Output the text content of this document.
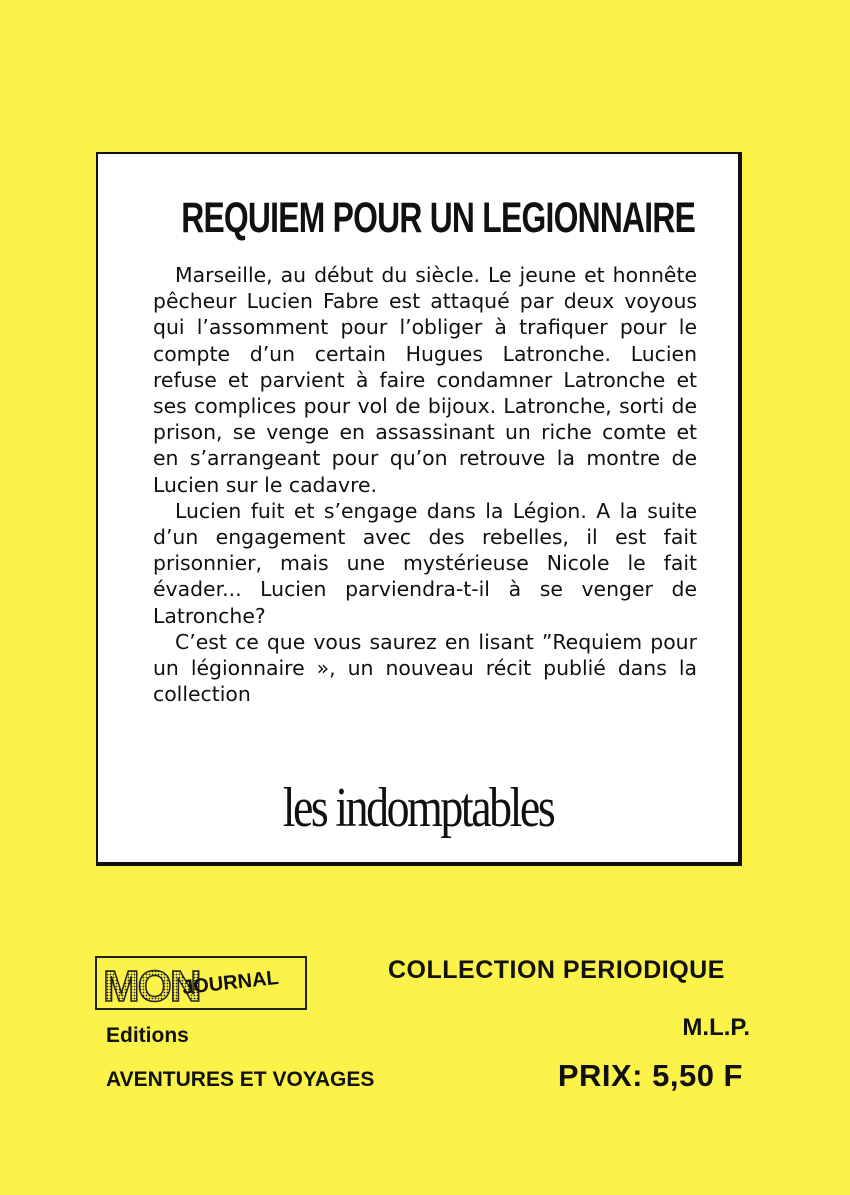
REQUIEM POUR UN LEGIONNAIRE

Marseille, au début du siècle. Le jeune et honnête pêcheur Lucien Fabre est attaqué par deux voyous qui l’assomment pour l’obliger à trafiquer pour le compte d’un certain Hugues Latronche. Lucien refuse et parvient à faire condamner Latronche et ses complices pour vol de bijoux. Latronche, sorti de prison, se venge en assassinant un riche comte et en s’arrangeant pour qu’on retrouve la montre de Lucien sur le cadavre.

Lucien fuit et s’engage dans la Légion. A la suite d’un engagement avec des rebelles, il est fait prisonnier, mais une mystérieuse Nicole le fait évader... Lucien parviendra-t-il à se venger de Latronche?

C’est ce que vous saurez en lisant ”Requiem pour un légionnaire », un nouveau récit publié dans la collection

les indomptables
MON
JOURNAL
Editions
AVENTURES ET VOYAGES
COLLECTION PERIODIQUE
M.L.P.
PRIX: 5,50 F
